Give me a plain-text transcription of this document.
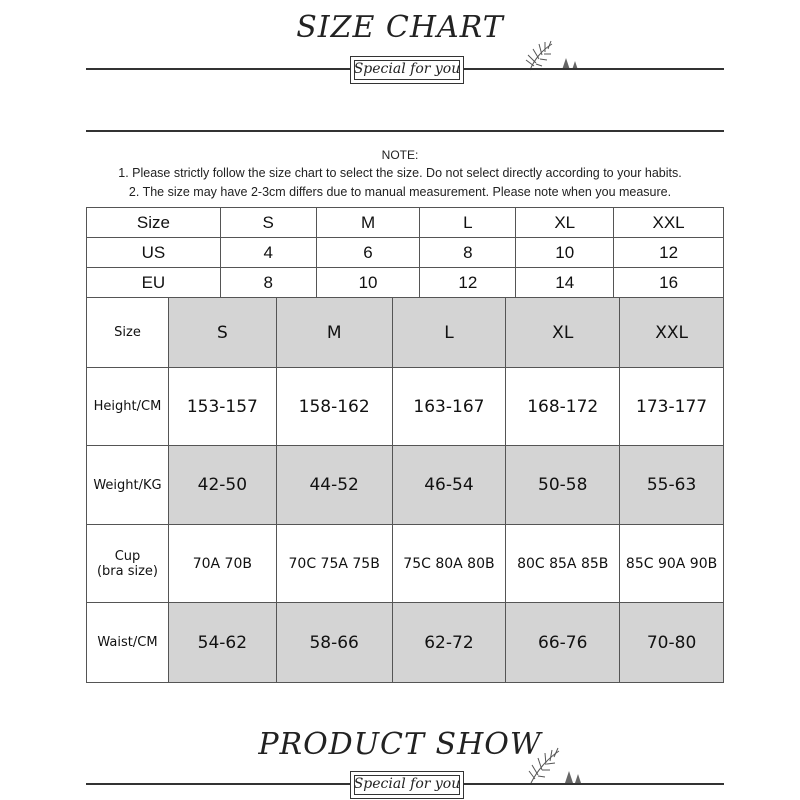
SIZE CHART
Special for you
NOTE:
1. Please strictly follow the size chart to select the size. Do not select directly according to your habits.
2. The size may have 2-3cm differs due to manual measurement. Please note when you measure.
Size	S	M	L	XL	XXL
US	4	6	8	10	12
EU	8	10	12	14	16
Size	S	M	L	XL	XXL
Height/CM	153-157	158-162	163-167	168-172	173-177
Weight/KG	42-50	44-52	46-54	50-58	55-63

Cup
(bra size)	70A 70B	70C 75A 75B	75C 80A 80B	80C 85A 85B	85C 90A 90B
Waist/CM	54-62	58-66	62-72	66-76	70-80
PRODUCT SHOW
Special for you
